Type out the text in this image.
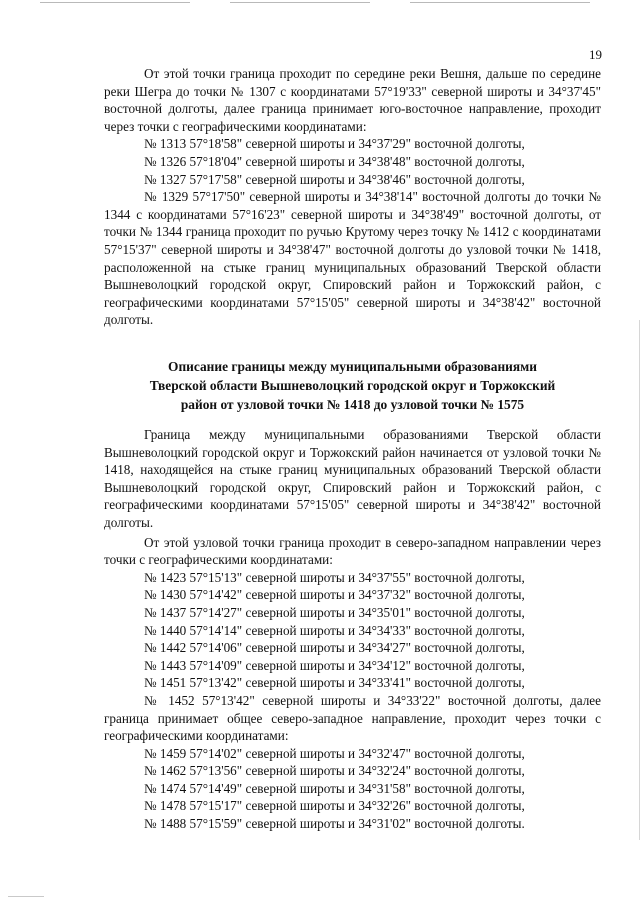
19

От этой точки граница проходит по середине реки Вешня, дальше по середине реки Шегра до точки № 1307 с координатами 57°19'33" северной широты и 34°37'45" восточной долготы, далее граница принимает юго-восточное направление, проходит через точки с географическими координатами:

№ 1313 57°18'58" северной широты и 34°37'29" восточной долготы,
№ 1326 57°18'04" северной широты и 34°38'48" восточной долготы,
№ 1327 57°17'58" северной широты и 34°38'46" восточной долготы,

№ 1329 57°17'50" северной широты и 34°38'14" восточной долготы до точки № 1344 с координатами 57°16'23" северной широты и 34°38'49" восточной долготы, от точки № 1344 граница проходит по ручью Крутому через точку № 1412 с координатами 57°15'37" северной широты и 34°38'47" восточной долготы до узловой точки № 1418, расположенной на стыке границ муниципальных образований Тверской области Вышневолоцкий городской округ, Спировский район и Торжокский район, с географическими координатами 57°15'05" северной широты и 34°38'42" восточной долготы.

Описание границы между муниципальными образованиями
Тверской области Вышневолоцкий городской округ и Торжокский
район от узловой точки № 1418 до узловой точки № 1575

Граница между муниципальными образованиями Тверской области Вышневолоцкий городской округ и Торжокский район начинается от узловой точки № 1418, находящейся на стыке границ муниципальных образований Тверской области Вышневолоцкий городской округ, Спировский район и Торжокский район, с географическими координатами 57°15'05" северной широты и 34°38'42" восточной долготы.

От этой узловой точки граница проходит в северо-западном направлении через точки с географическими координатами:

№ 1423 57°15'13" северной широты и 34°37'55" восточной долготы,
№ 1430 57°14'42" северной широты и 34°37'32" восточной долготы,
№ 1437 57°14'27" северной широты и 34°35'01" восточной долготы,
№ 1440 57°14'14" северной широты и 34°34'33" восточной долготы,
№ 1442 57°14'06" северной широты и 34°34'27" восточной долготы,
№ 1443 57°14'09" северной широты и 34°34'12" восточной долготы,
№ 1451 57°13'42" северной широты и 34°33'41" восточной долготы,

№ 1452 57°13'42" северной широты и 34°33'22" восточной долготы, далее граница принимает общее северо-западное направление, проходит через точки с географическими координатами:

№ 1459 57°14'02" северной широты и 34°32'47" восточной долготы,
№ 1462 57°13'56" северной широты и 34°32'24" восточной долготы,
№ 1474 57°14'49" северной широты и 34°31'58" восточной долготы,
№ 1478 57°15'17" северной широты и 34°32'26" восточной долготы,
№ 1488 57°15'59" северной широты и 34°31'02" восточной долготы.
